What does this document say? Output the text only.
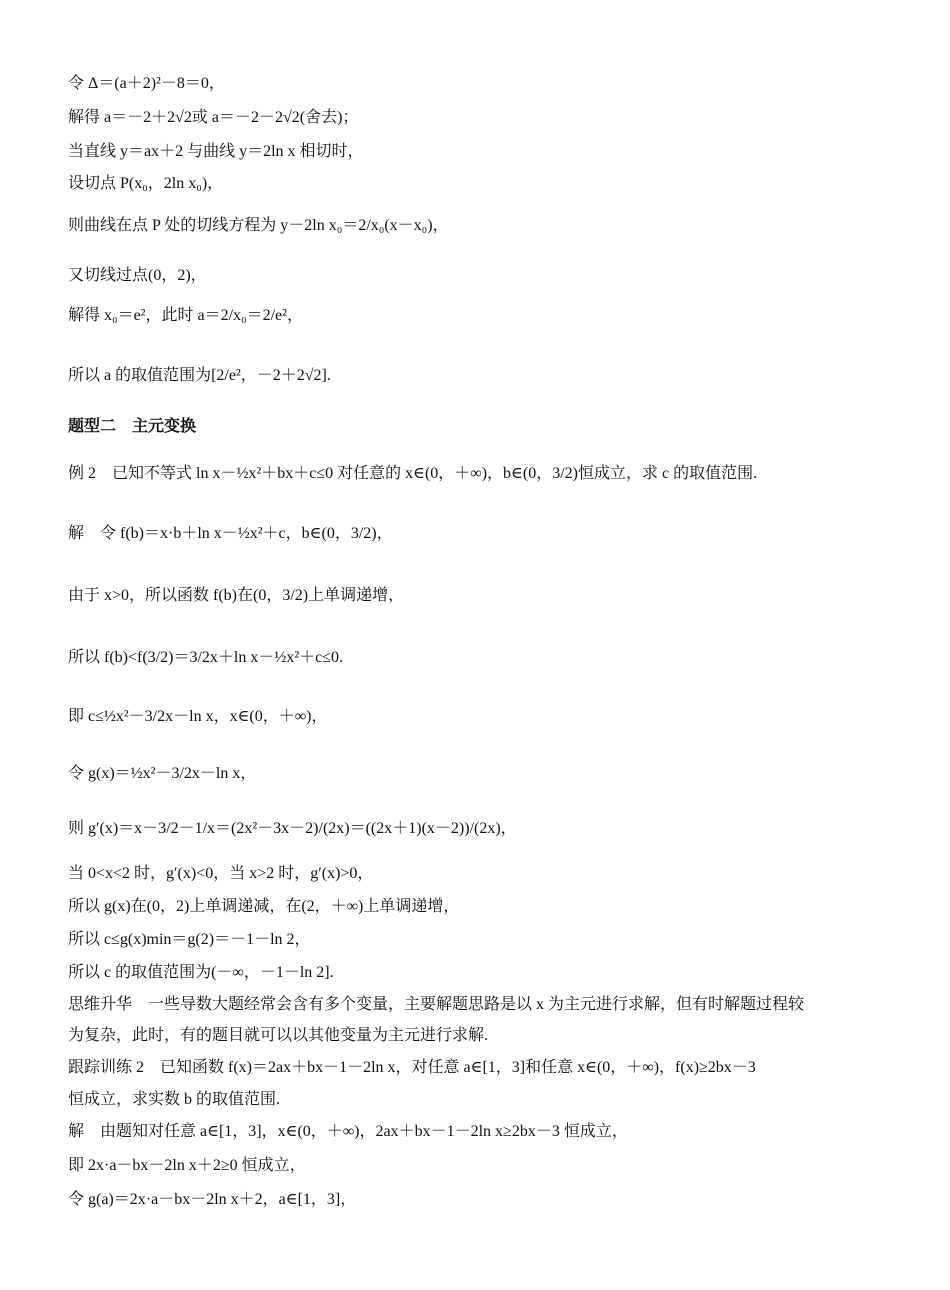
令 Δ＝(a＋2)²－8＝0，
解得 a＝－2＋2√2或 a＝－2－2√2(舍去)；
当直线 y＝ax＋2 与曲线 y＝2ln x 相切时，
设切点 P(x₀，2ln x₀)，
则曲线在点 P 处的切线方程为 y－2ln x₀＝2/x₀(x－x₀)，
又切线过点(0，2)，
解得 x₀＝e²，此时 a＝2/x₀＝2/e²，
所以 a 的取值范围为[2/e²，－2＋2√2].
题型二　主元变换
例 2　已知不等式 ln x－½x²＋bx＋c≤0 对任意的 x∈(0，＋∞)，b∈(0，3/2)恒成立，求 c 的取值范围.
解　令 f(b)＝x·b＋ln x－½x²＋c，b∈(0，3/2)，
由于 x>0，所以函数 f(b)在(0，3/2)上单调递增，
所以 f(b)<f(3/2)＝3/2x＋ln x－½x²＋c≤0.
即 c≤½x²－3/2x－ln x，x∈(0，＋∞)，
令 g(x)＝½x²－3/2x－ln x，
则 g′(x)＝x－3/2－1/x＝(2x²－3x－2)/(2x)＝((2x＋1)(x－2))/(2x)，
当 0<x<2 时，g′(x)<0，当 x>2 时，g′(x)>0，
所以 g(x)在(0，2)上单调递减，在(2，＋∞)上单调递增，
所以 c≤g(x)min＝g(2)＝－1－ln 2，
所以 c 的取值范围为(－∞，－1－ln 2].
思维升华　一些导数大题经常会含有多个变量，主要解题思路是以 x 为主元进行求解，但有时解题过程较
为复杂，此时，有的题目就可以以其他变量为主元进行求解.
跟踪训练 2　已知函数 f(x)＝2ax＋bx－1－2ln x，对任意 a∈[1，3]和任意 x∈(0，＋∞)，f(x)≥2bx－3
恒成立，求实数 b 的取值范围.
解　由题知对任意 a∈[1，3]，x∈(0，＋∞)，2ax＋bx－1－2ln x≥2bx－3 恒成立，
即 2x·a－bx－2ln x＋2≥0 恒成立，
令 g(a)＝2x·a－bx－2ln x＋2，a∈[1，3]，
